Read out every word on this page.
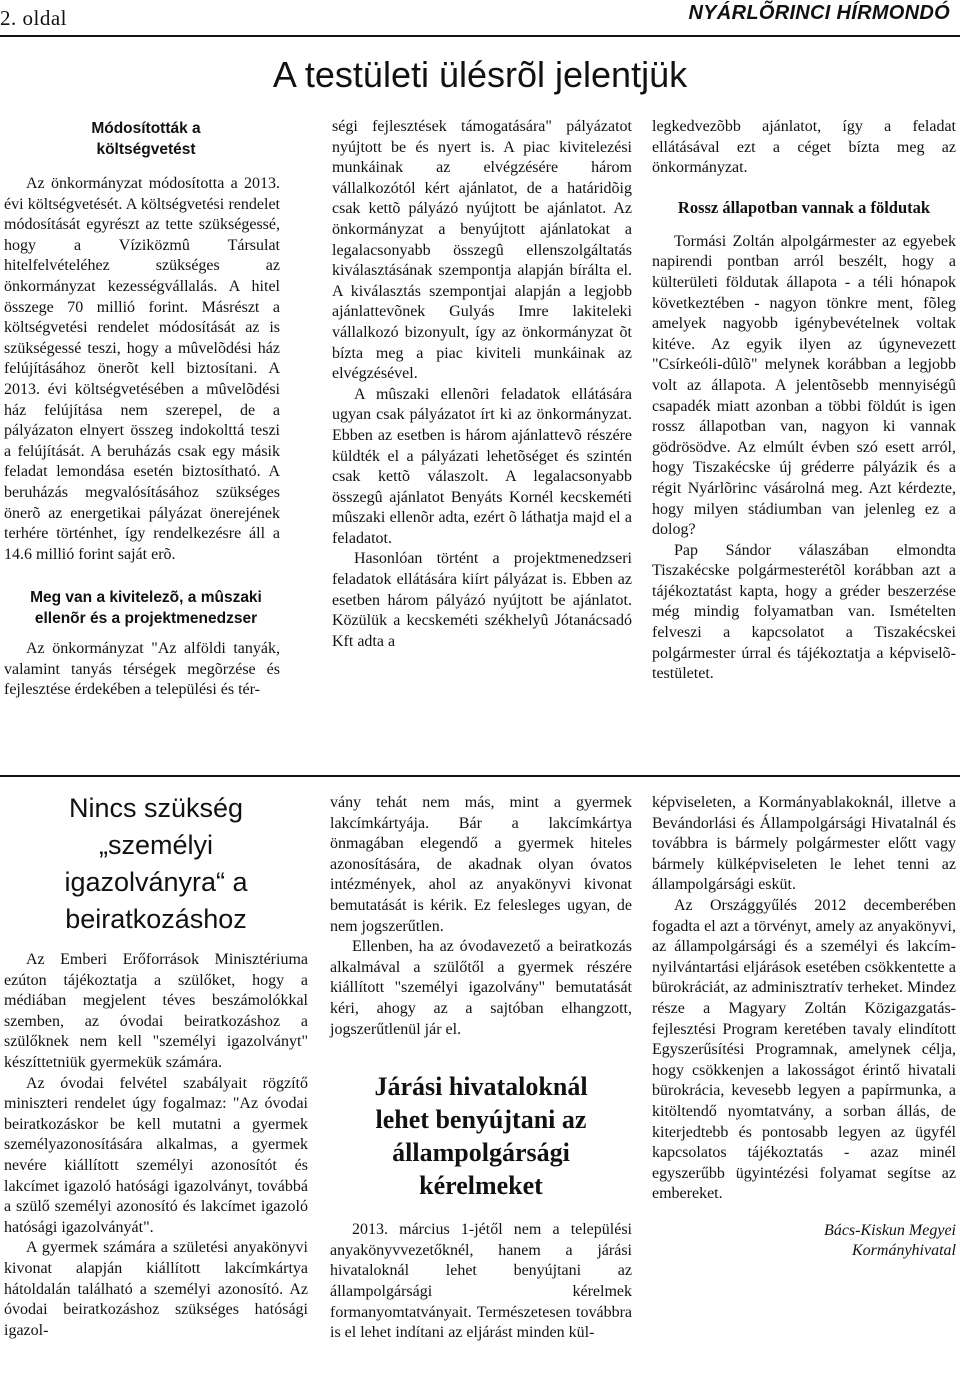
2. oldal	NYÁRLÕRINCI HÍRMONDÓ
A testületi ülésrõl jelentjük
Módosították a költségvetést

Az önkormányzat módosította a 2013. évi költségvetését. A költségvetési rendelet módosítását egyrészt az tette szükségessé, hogy a Víziközmû Társulat hitelfelvételéhez szükséges az önkormányzat kezességvállalás. A hitel összege 70 millió forint. Másrészt a költségvetési rendelet módosítását az is szükségessé teszi, hogy a mûvelõdési ház felújításához önerõt kell biztosítani. A 2013. évi költségvetésében a mûvelõdési ház felújítása nem szerepel, de a pályázaton elnyert összeg indokolttá teszi a felújítását. A beruházás csak egy másik feladat lemondása esetén biztosítható. A beruházás megvalósításához szükséges önerõ az energetikai pályázat önerejének terhére történhet, így rendelkezésre áll a 14.6 millió forint saját erõ.

Meg van a kivitelezõ, a mûszaki ellenõr és a projektmenedzser

Az önkormányzat "Az alföldi tanyák, valamint tanyás térségek megõrzése és fejlesztése érdekében a települési és tér-

ségi fejlesztések támogatására" pályázatot nyújtott be és nyert is. A piac kivitelezési munkáinak az elvégzésére három vállalkozótól kért ajánlatot, de a határidõig csak kettõ pályázó nyújtott be ajánlatot. Az önkormányzat a benyújtott ajánlatokat a legalacsonyabb összegû ellenszolgáltatás kiválasztásának szempontja alapján bírálta el. A kiválasztás szempontjai alapján a legjobb ajánlattevõnek Gulyás Imre lakiteleki vállalkozó bizonyult, így az önkormányzat õt bízta meg a piac kiviteli munkáinak az elvégzésével.

A mûszaki ellenõri feladatok ellátására ugyan csak pályázatot írt ki az önkormányzat. Ebben az esetben is három ajánlattevõ részére küldték el a pályázati lehetõséget és szintén csak kettõ válaszolt. A legalacsonyabb összegû ajánlatot Benyáts Kornél kecskeméti mûszaki ellenõr adta, ezért õ láthatja majd el a feladatot.

Hasonlóan történt a projektmenedzseri feladatok ellátására kiírt pályázat is. Ebben az esetben három pályázó nyújtott be ajánlatot. Közülük a kecskeméti székhelyû Jótanácsadó Kft adta a

legkedvezõbb ajánlatot, így a feladat ellátásával ezt a céget bízta meg az önkormányzat.

Rossz állapotban vannak a földutak

Tormási Zoltán alpolgármester az egyebek napirendi pontban arról beszélt, hogy a külterületi földutak állapota - a téli hónapok következtében - nagyon tönkre ment, fõleg amelyek nagyobb igénybevételnek voltak kitéve. Az egyik ilyen az úgynevezett "Csírkeóli-dûlõ" melynek korábban a legjobb volt az állapota. A jelentõsebb mennyiségû csapadék miatt azonban a többi földút is igen rossz állapotban van, nagyon ki vannak gödrösödve. Az elmúlt évben szó esett arról, hogy Tiszakécske új gréderre pályázik és a régit Nyárlõrinc vásárolná meg. Azt kérdezte, hogy milyen stádiumban van jelenleg ez a dolog?

Pap Sándor válaszában elmondta Tiszakécske polgármesterétõl korábban azt a tájékoztatást kapta, hogy a gréder beszerzése még mindig folyamatban van. Ismételten felveszi a kapcsolatot a Tiszakécskei polgármester úrral és tájékoztatja a képviselõ-testületet.

Nincs szükség „személyi igazolványra“ a beiratkozáshoz

Az Emberi Erőforrások Minisztériuma ezúton tájékoztatja a szülőket, hogy a médiában megjelent téves beszámolókkal szemben, az óvodai beiratkozáshoz a szülőknek nem kell "személyi igazolványt" készíttetniük gyermekük számára.

Az óvodai felvétel szabályait rögzítő miniszteri rendelet úgy fogalmaz: "Az óvodai beiratkozáskor be kell mutatni a gyermek személyazonosítására alkalmas, a gyermek nevére kiállított személyi azonosítót és lakcímet igazoló hatósági igazolványt, továbbá a szülő személyi azonosító és lakcímet igazoló hatósági igazolványát".

A gyermek számára a születési anyakönyvi kivonat alapján kiállított lakcímkártya hátoldalán található a személyi azonosító. Az óvodai beiratkozáshoz szükséges hatósági igazol-

vány tehát nem más, mint a gyermek lakcímkártyája. Bár a lakcímkártya önmagában elegendő a gyermek hiteles azonosítására, de akadnak olyan óvatos intézmények, ahol az anyakönyvi kivonat bemutatását is kérik. Ez felesleges ugyan, de nem jogszerűtlen.

Ellenben, ha az óvodavezető a beiratkozás alkalmával a szülőtől a gyermek részére kiállított "személyi igazolvány" bemutatását kéri, ahogy az a sajtóban elhangzott, jogszerűtlenül jár el.

Járási hivataloknál lehet benyújtani az állampolgársági kérelmeket

2013. március 1-jétől nem a települési anyakönyvvezetőknél, hanem a járási hivataloknál lehet benyújtani az állampolgársági kérelmek formanyomtatványait. Természetesen továbbra is el lehet indítani az eljárást minden kül-

képviseleten, a Kormányablakoknál, illetve a Bevándorlási és Állampolgársági Hivatalnál és továbbra is bármely polgármester előtt vagy bármely külképviseleten le lehet tenni az állampolgársági esküt.

Az Országgyűlés 2012 decemberében fogadta el azt a törvényt, amely az anyakönyvi, az állampolgársági és a személyi és lakcím-nyilvántartási eljárások esetében csökkentette a bürokráciát, az adminisztratív terheket. Mindez része a Magyary Zoltán Közigazgatás-fejlesztési Program keretében tavaly elindított Egyszerűsítési Programnak, amelynek célja, hogy csökkenjen a lakosságot érintő hivatali bürokrácia, kevesebb legyen a papírmunka, a kitöltendő nyomtatvány, a sorban állás, de kiterjedtebb és pontosabb legyen az ügyfél kapcsolatos tájékoztatás - azaz minél egyszerűbb ügyintézési folyamat segítse az embereket.

Bács-Kiskun Megyei
Kormányhivatal
